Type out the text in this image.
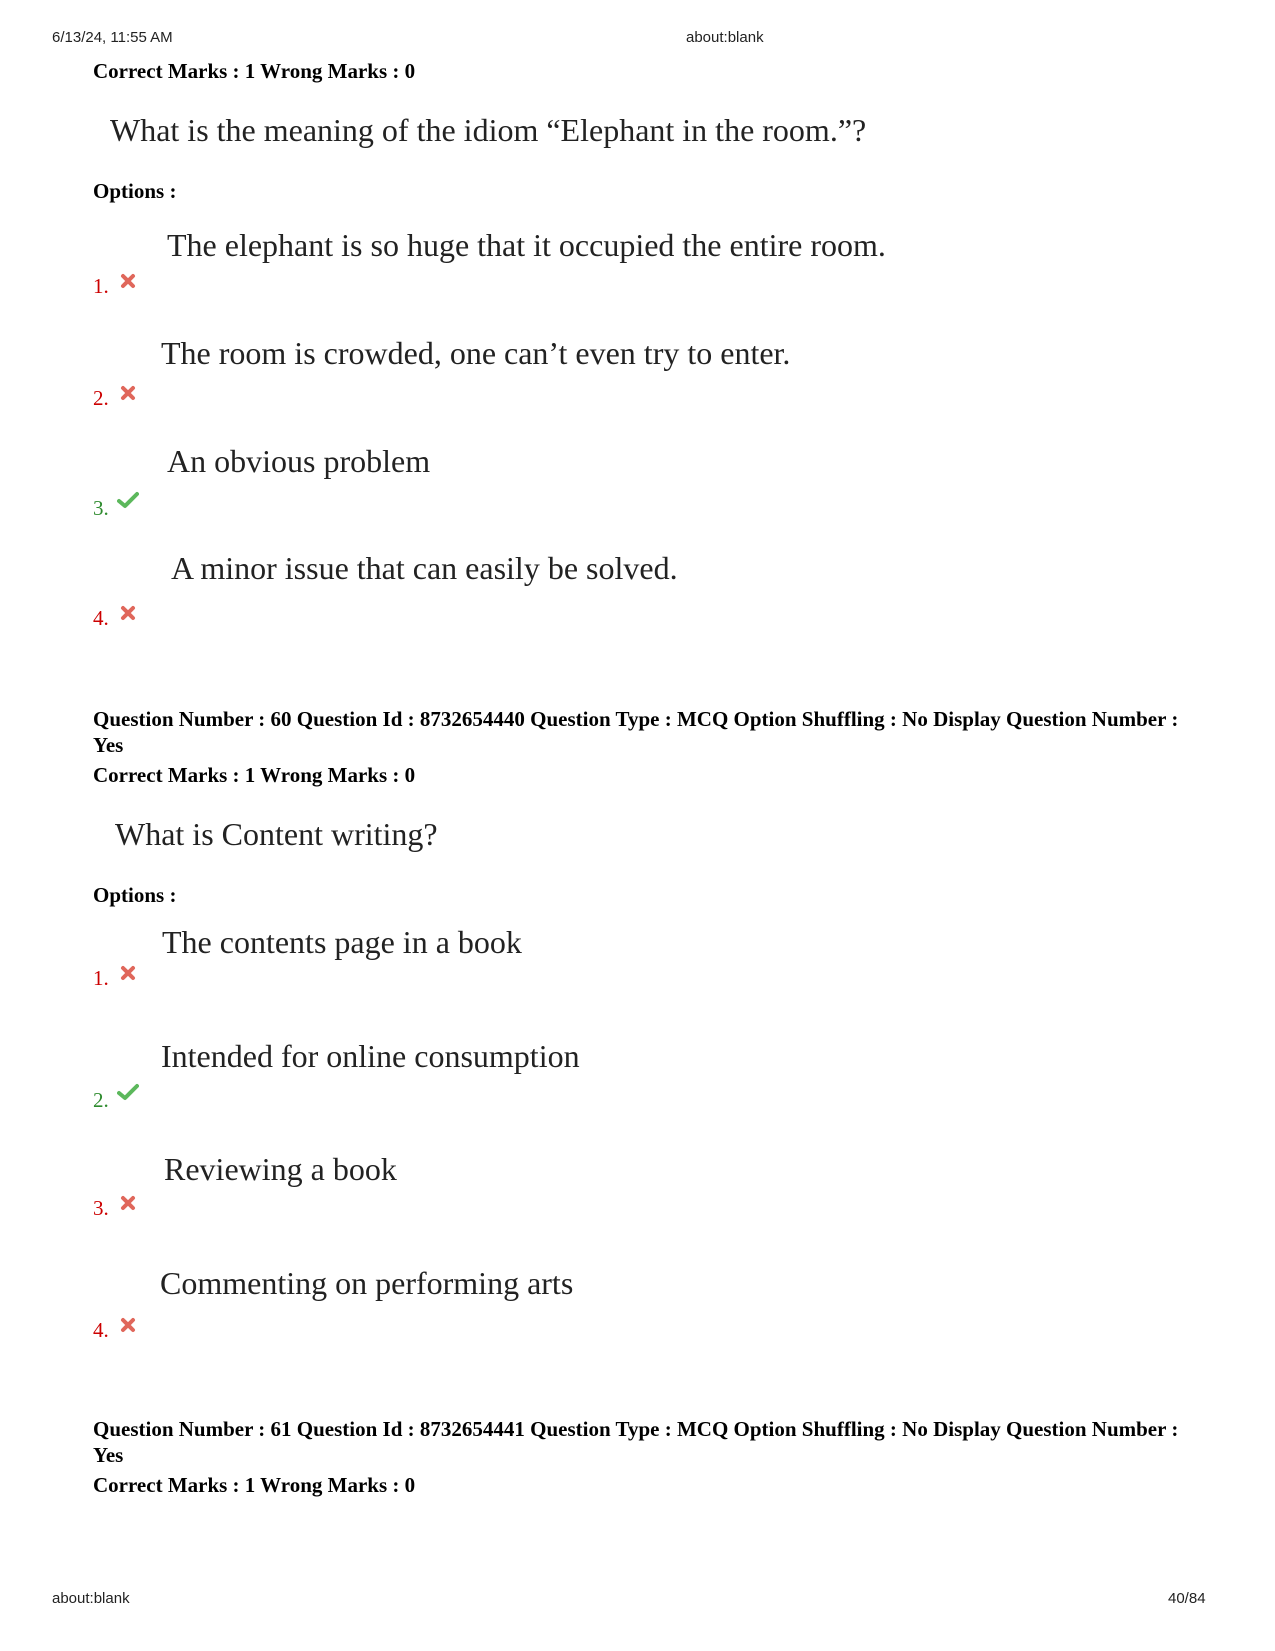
6/13/24, 11:55 AM	about:blank
Correct Marks : 1 Wrong Marks : 0
What is the meaning of the idiom “Elephant in the room.”?
Options :
1.
The elephant is so huge that it occupied the entire room.
2.
The room is crowded, one can’t even try to enter.
3.
An obvious problem
4.
A minor issue that can easily be solved.
Question Number : 60 Question Id : 8732654440 Question Type : MCQ Option Shuffling : No Display Question Number : Yes
Correct Marks : 1 Wrong Marks : 0
What is Content writing?
Options :
1.
The contents page in a book
2.
Intended for online consumption
3.
Reviewing a book
4.
Commenting on performing arts
Question Number : 61 Question Id : 8732654441 Question Type : MCQ Option Shuffling : No Display Question Number : Yes
Correct Marks : 1 Wrong Marks : 0
about:blank	40/84
